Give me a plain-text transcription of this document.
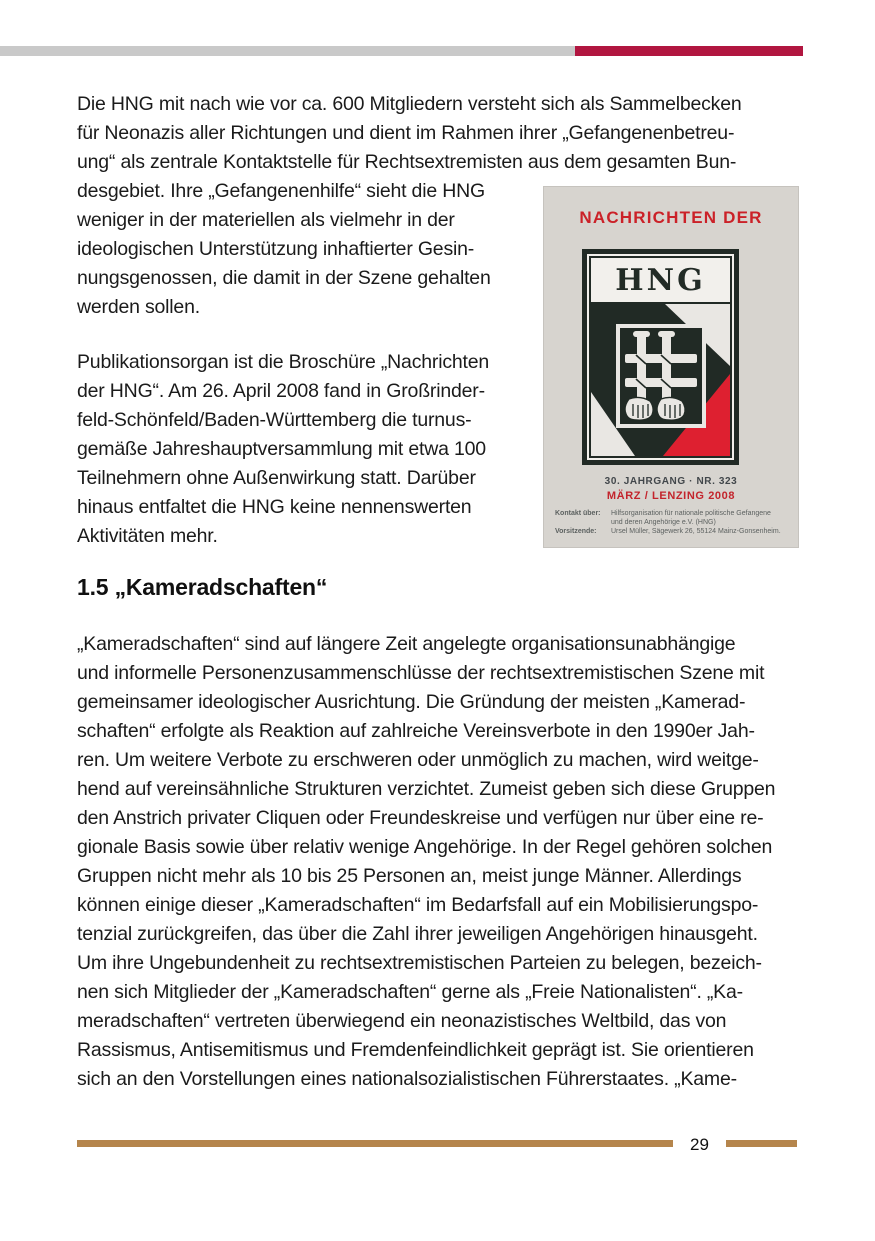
Die HNG mit nach wie vor ca. 600 Mitgliedern versteht sich als Sammelbecken
für Neonazis aller Richtungen und dient im Rahmen ihrer „Gefangenenbetreu-
ung“ als zentrale Kontaktstelle für Rechtsextremisten aus dem gesamten Bun-

desgebiet. Ihre „Gefangenenhilfe“ sieht die HNG
weniger in der materiellen als vielmehr in der
ideologischen Unterstützung inhaftierter Gesin-
nungsgenossen, die damit in der Szene gehalten
werden sollen.

Publikationsorgan ist die Broschüre „Nachrichten
der HNG“. Am 26. April 2008 fand in Großrinder-
feld-Schönfeld/Baden-Württemberg die turnus-
gemäße Jahreshauptversammlung mit etwa 100
Teilnehmern ohne Außenwirkung statt. Darüber
hinaus entfaltet die HNG keine nennenswerten
Aktivitäten mehr.

1.5 „Kameradschaften“

„Kameradschaften“ sind auf längere Zeit angelegte organisationsunabhängige
und informelle Personenzusammenschlüsse der rechtsextremistischen Szene mit
gemeinsamer ideologischer Ausrichtung. Die Gründung der meisten „Kamerad-
schaften“ erfolgte als Reaktion auf zahlreiche Vereinsverbote in den 1990er Jah-
ren. Um weitere Verbote zu erschweren oder unmöglich zu machen, wird weitge-
hend auf vereinsähnliche Strukturen verzichtet. Zumeist geben sich diese Gruppen
den Anstrich privater Cliquen oder Freundeskreise und verfügen nur über eine re-
gionale Basis sowie über relativ wenige Angehörige. In der Regel gehören solchen
Gruppen nicht mehr als 10 bis 25 Personen an, meist junge Männer. Allerdings
können einige dieser „Kameradschaften“ im Bedarfsfall auf ein Mobilisierungspo-
tenzial zurückgreifen, das über die Zahl ihrer jeweiligen Angehörigen hinausgeht.
Um ihre Ungebundenheit zu rechtsextremistischen Parteien zu belegen, bezeich-
nen sich Mitglieder der „Kameradschaften“ gerne als „Freie Nationalisten“. „Ka-
meradschaften“ vertreten überwiegend ein neonazistisches Weltbild, das von
Rassismus, Antisemitismus und Fremdenfeindlichkeit geprägt ist. Sie orientieren
sich an den Vorstellungen eines nationalsozialistischen Führerstaates. „Kame-

NACHRICHTEN DER
HNG
30. JAHRGANG · NR. 323
MÄRZ / LENZING 2008
Kontakt über:	Hilfsorganisation für nationale politische Gefangene
und deren Angehörige e.V. (HNG)
Vorsitzende:	Ursel Müller, Sägewerk 26, 55124 Mainz-Gonsenheim.
29
